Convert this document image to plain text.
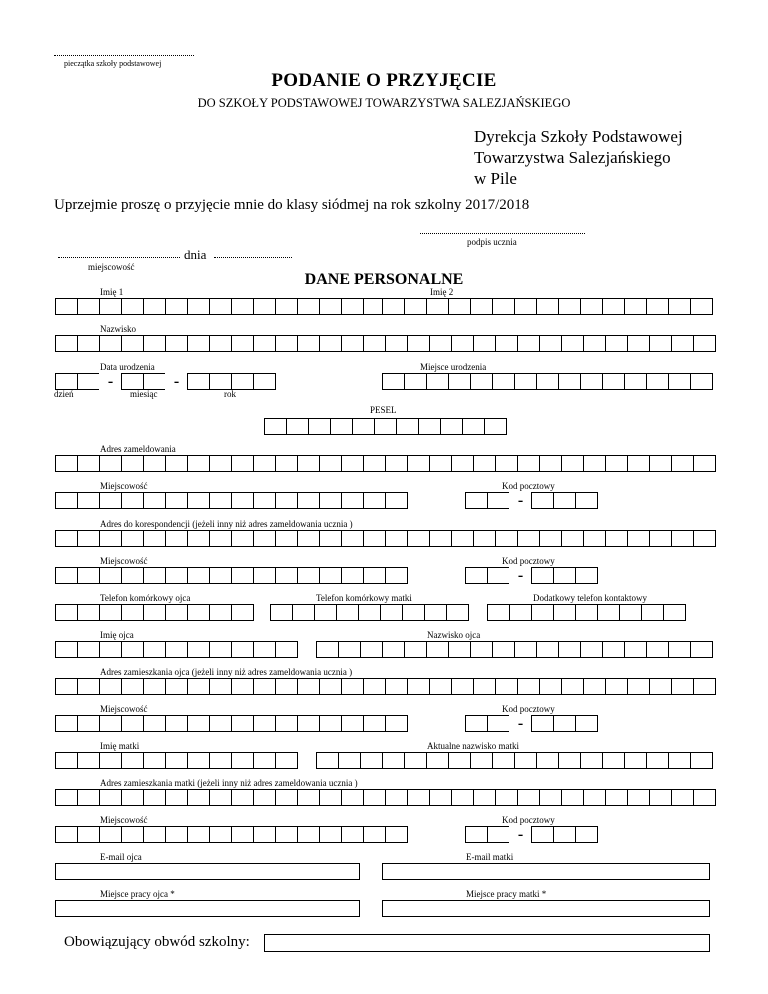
pieczątka szkoły podstawowej
PODANIE O PRZYJĘCIE
DO SZKOŁY PODSTAWOWEJ TOWARZYSTWA SALEZJAŃSKIEGO
Dyrekcja Szkoły Podstawowej
Towarzystwa Salezjańskiego
w Pile
Uprzejmie proszę o przyjęcie mnie do klasy siódmej na rok szkolny 2017/2018
podpis ucznia
dnia
miejscowość
DANE PERSONALNE
Imię 1	Imię 2
Nazwisko
Data urodzenia	Miejsce urodzenia
-	-
dzień	miesiąc	rok
PESEL
Adres zameldowania
Miejscowość	Kod pocztowy
-
Adres do korespondencji (jeżeli inny niż adres zameldowania ucznia )
Miejscowość	Kod pocztowy
-
Telefon komórkowy ojca	Telefon komórkowy matki	Dodatkowy telefon kontaktowy
Imię ojca	Nazwisko ojca
Adres zamieszkania ojca (jeżeli inny niż adres zameldowania ucznia )
Miejscowość	Kod pocztowy
-
Imię matki	Aktualne nazwisko matki
Adres zamieszkania matki (jeżeli inny niż adres zameldowania ucznia )
Miejscowość	Kod pocztowy
-
E-mail ojca	E-mail matki
Miejsce pracy ojca *	Miejsce pracy matki *
Obowiązujący obwód szkolny:
